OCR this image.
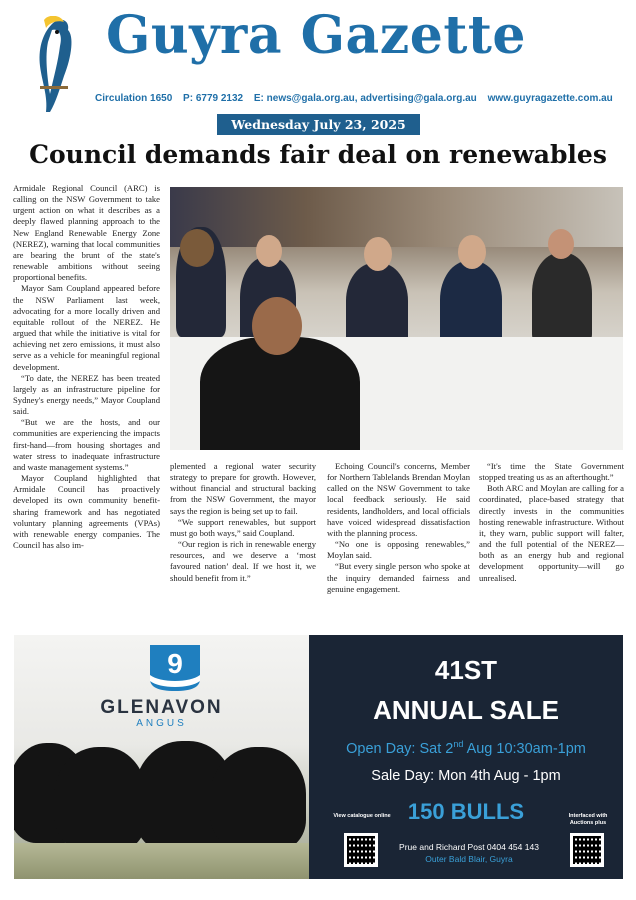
Guyra Gazette
Circulation 1650 P: 6779 2132 E: news@gala.org.au, advertising@gala.org.au www.guyragazette.com.au
Wednesday July 23, 2025
Council demands fair deal on renewables

Armidale Regional Council (ARC) is calling on the NSW Government to take urgent action on what it describes as a deeply flawed planning approach to the New England Renewable Energy Zone (NEREZ), warning that local communities are bearing the brunt of the state's renewable ambitions without seeing proportional benefits.

Mayor Sam Coupland appeared before the NSW Parliament last week, advocating for a more locally driven and equitable rollout of the NEREZ. He argued that while the initiative is vital for achieving net zero emissions, it must also serve as a vehicle for meaningful regional development.

“To date, the NEREZ has been treated largely as an infrastructure pipeline for Sydney's energy needs,” Mayor Coupland said.

“But we are the hosts, and our communities are experiencing the impacts first-hand—from housing shortages and water stress to inadequate infrastructure and waste management systems.”

Mayor Coupland highlighted that Armidale Council has proactively developed its own community benefit-sharing framework and has negotiated voluntary planning agreements (VPAs) with renewable energy companies. The Council has also im-

plemented a regional water security strategy to prepare for growth. However, without financial and structural backing from the NSW Government, the mayor says the region is being set up to fail.

“We support renewables, but support must go both ways,” said Coupland.

“Our region is rich in renewable energy resources, and we deserve a ‘most favoured nation’ deal. If we host it, we should benefit from it.”

Echoing Council's concerns, Member for Northern Tablelands Brendan Moylan called on the NSW Government to take local feedback seriously. He said residents, landholders, and local officials have voiced widespread dissatisfaction with the planning process.

“No one is opposing renewables,” Moylan said.

“But every single person who spoke at the inquiry demanded fairness and genuine engagement.

“It's time the State Government stopped treating us as an afterthought.”

Both ARC and Moylan are calling for a coordinated, place-based strategy that directly invests in the communities hosting renewable infrastructure. Without it, they warn, public support will falter, and the full potential of the NEREZ—both as an energy hub and regional development opportunity—will go unrealised.

9
GLENAVON
ANGUS
41ST
ANNUAL SALE
Open Day: Sat 2nd Aug 10:30am-1pm
Sale Day: Mon 4th Aug - 1pm
150 BULLS
View catalogue online	Interfaced with Auctions plus
Prue and Richard Post 0404 454 143
Outer Bald Blair, Guyra
